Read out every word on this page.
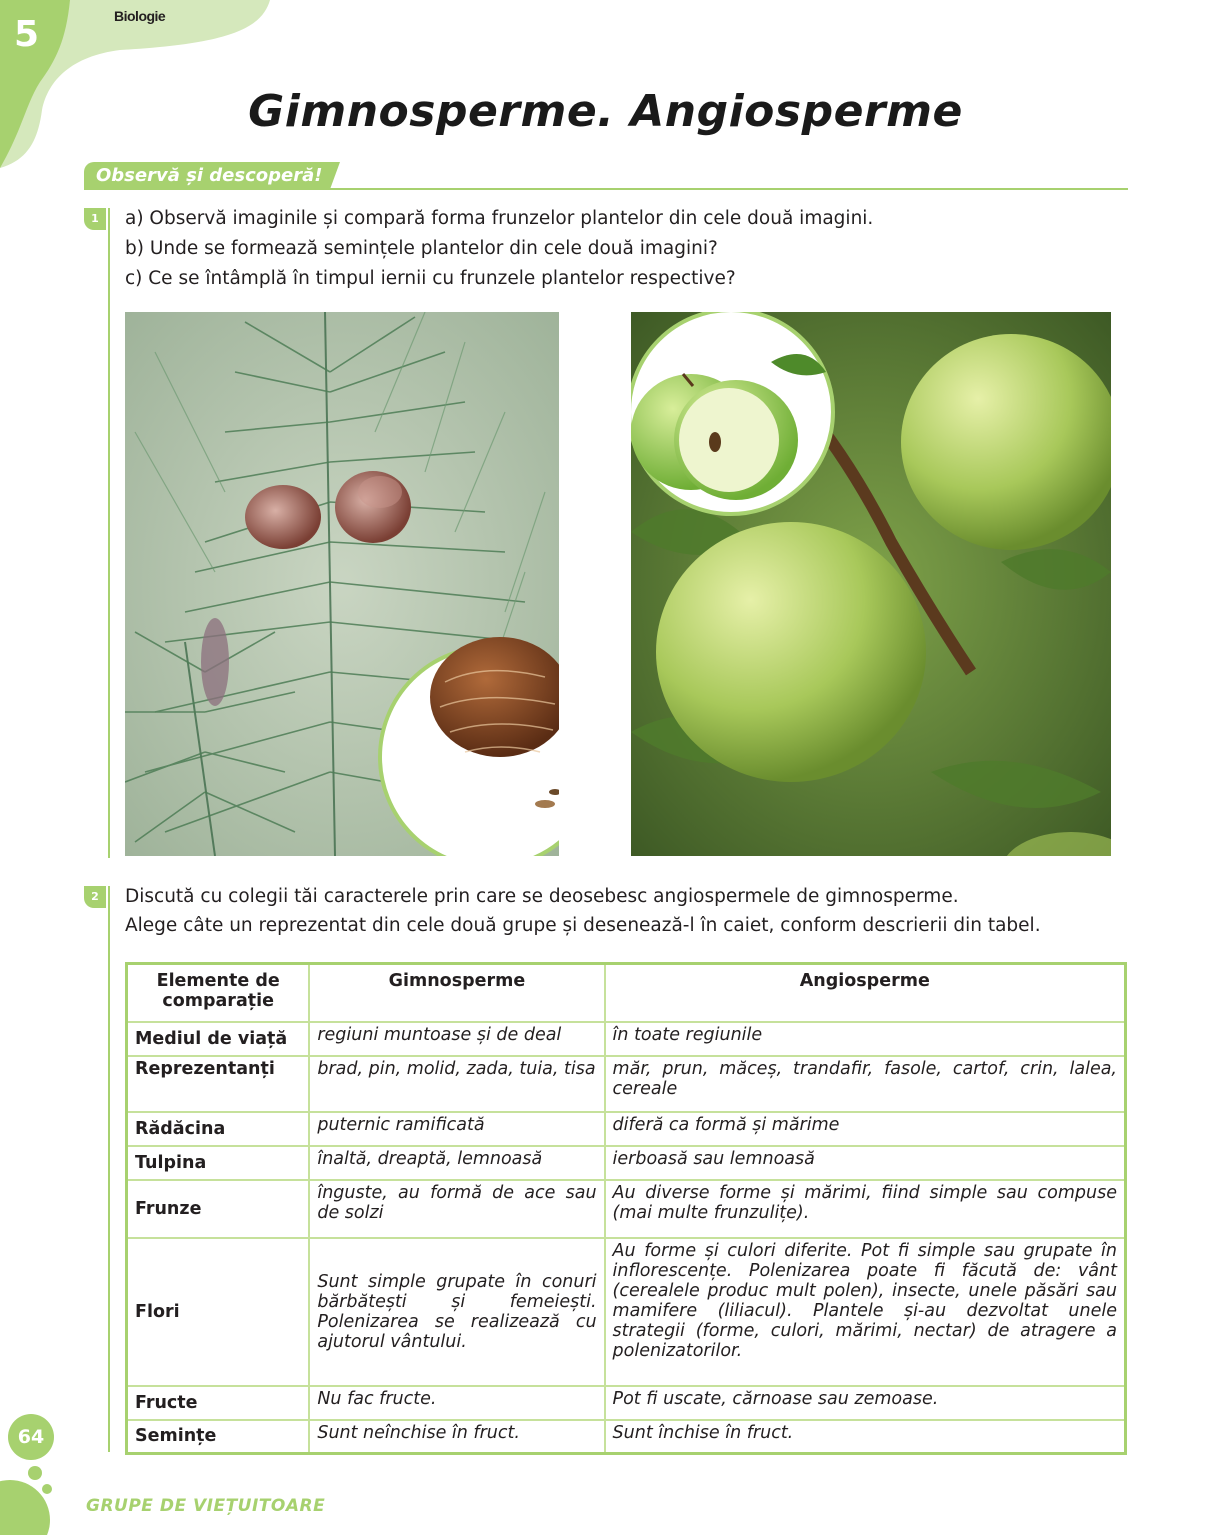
5	Biologie
Gimnosperme. Angiosperme
Observă și descoperă!
1	a) Observă imaginile și compară forma frunzelor plantelor din cele două imagini.
b) Unde se formează semințele plantelor din cele două imagini?
c) Ce se întâmplă în timpul iernii cu frunzele plantelor respective?
2	Discută cu colegii tăi caracterele prin care se deosebesc angiospermele de gimnosperme.
Alege câte un reprezentat din cele două grupe și desenează-l în caiet, conform descrierii din tabel.
Elemente de comparație	Gimnosperme	Angiosperme
Mediul de viață	regiuni muntoase și de deal	în toate regiunile
Reprezentanți	brad, pin, molid, zada, tuia, tisa	măr, prun, măceș, trandafir, fasole, cartof, crin, lalea, cereale
Rădăcina	puternic ramificată	diferă ca formă și mărime
Tulpina	înaltă, dreaptă, lemnoasă	ierboasă sau lemnoasă
Frunze	înguste, au formă de ace sau de solzi	Au diverse forme și mărimi, fiind simple sau compuse (mai multe frunzulițe).
Flori	Sunt simple grupate în conuri bărbătești și femeiești. Polenizarea se realizează cu ajutorul vântului.	Au forme și culori diferite. Pot fi simple sau grupate în inflorescențe. Polenizarea poate fi făcută de: vânt (cerealele produc mult polen), insecte, unele păsări sau mamifere (liliacul). Plantele și-au dezvoltat unele strategii (forme, culori, mărimi, nectar) de atragere a polenizatorilor.
Fructe	Nu fac fructe.	Pot fi uscate, cărnoase sau zemoase.
Semințe	Sunt neînchise în fruct.	Sunt închise în fruct.
64
GRUPE DE VIEȚUITOARE
